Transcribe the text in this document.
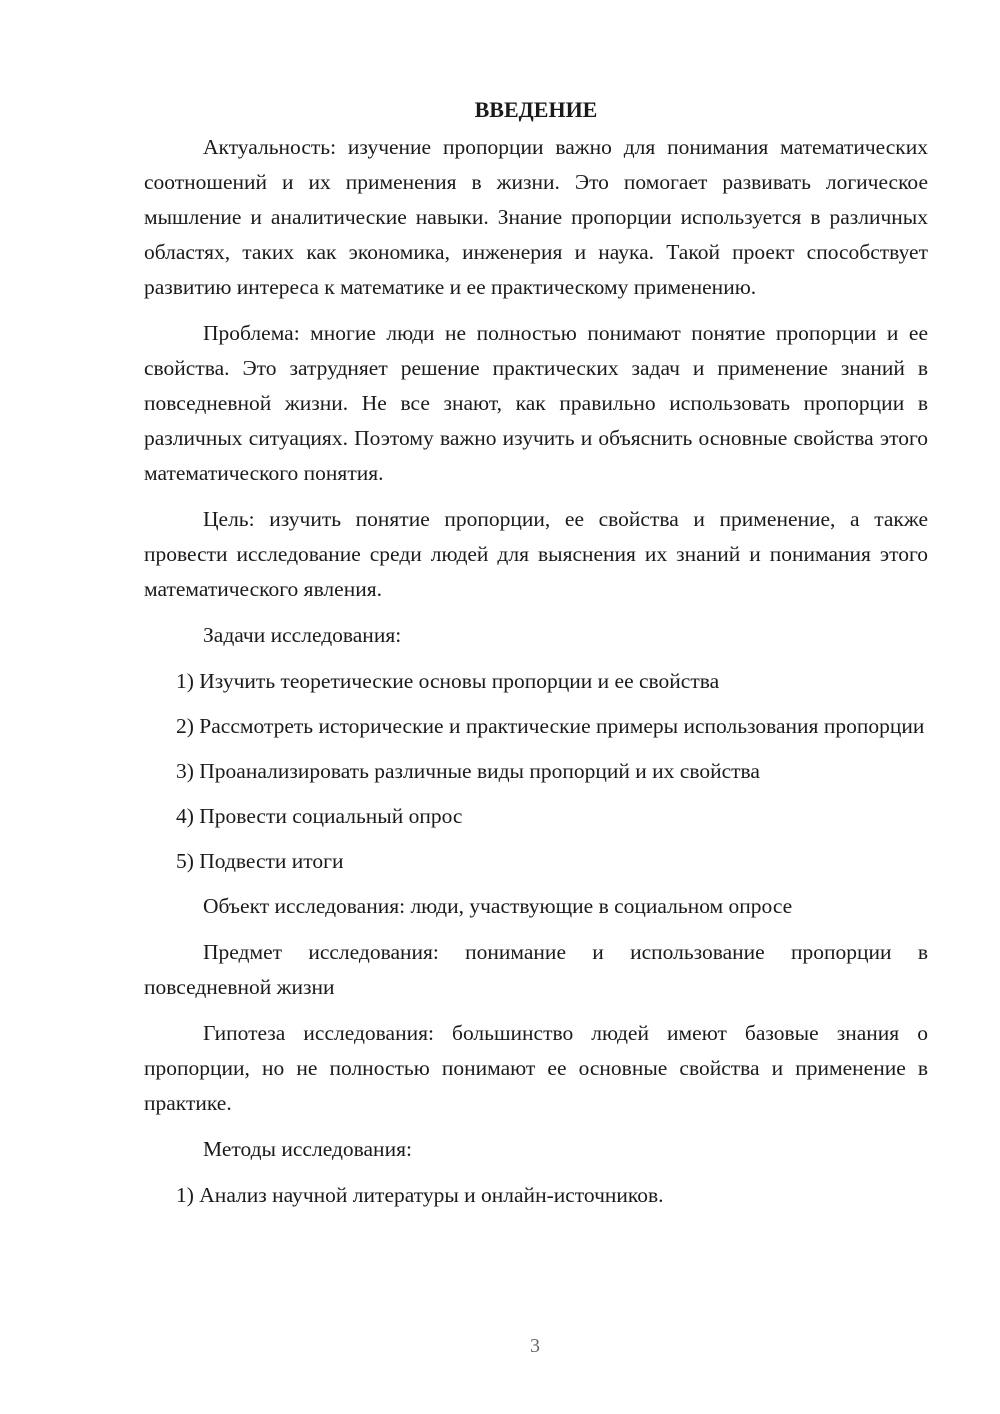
ВВЕДЕНИЕ

Актуальность: изучение пропорции важно для понимания математических соотношений и их применения в жизни. Это помогает развивать логическое мышление и аналитические навыки. Знание пропорции используется в различных областях, таких как экономика, инженерия и наука. Такой проект способствует развитию интереса к математике и ее практическому применению.

Проблема: многие люди не полностью понимают понятие пропорции и ее свойства. Это затрудняет решение практических задач и применение знаний в повседневной жизни. Не все знают, как правильно использовать пропорции в различных ситуациях. Поэтому важно изучить и объяснить основные свойства этого математического понятия.

Цель: изучить понятие пропорции, ее свойства и применение, а также провести исследование среди людей для выяснения их знаний и понимания этого математического явления.

Задачи исследования:

1) Изучить теоретические основы пропорции и ее свойства

2) Рассмотреть исторические и практические примеры использования пропорции

3) Проанализировать различные виды пропорций и их свойства

4) Провести социальный опрос

5) Подвести итоги

Объект исследования: люди, участвующие в социальном опросе

Предмет исследования: понимание и использование пропорции в повседневной жизни

Гипотеза исследования: большинство людей имеют базовые знания о пропорции, но не полностью понимают ее основные свойства и применение в практике.

Методы исследования:

1) Анализ научной литературы и онлайн-источников.

3
